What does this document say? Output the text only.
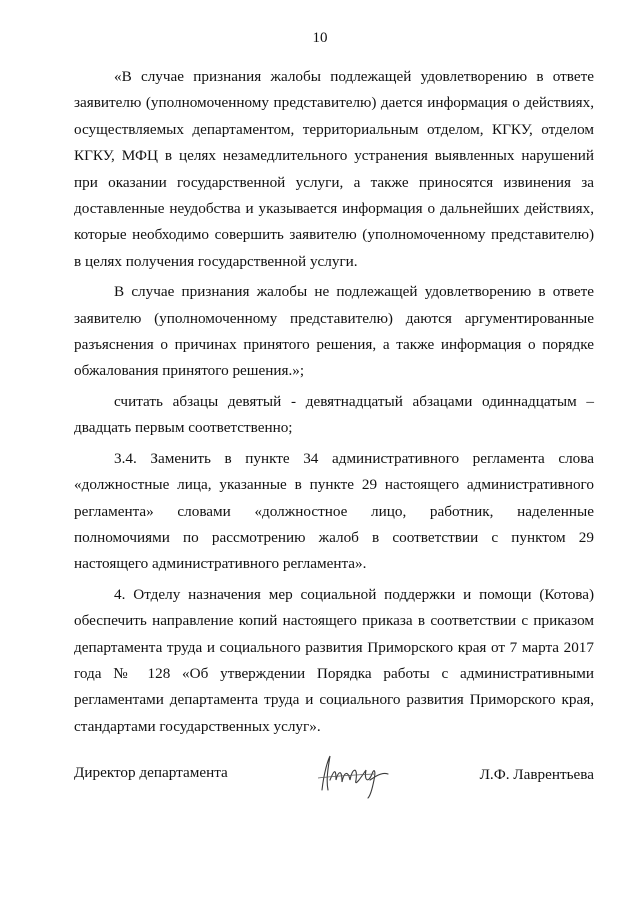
10

«В случае признания жалобы подлежащей удовлетворению в ответе заявителю (уполномоченному представителю) дается информация о действиях, осуществляемых департаментом, территориальным отделом, КГКУ, отделом КГКУ, МФЦ в целях незамедлительного устранения выявленных нарушений при оказании государственной услуги, а также приносятся извинения за доставленные неудобства и указывается информация о дальнейших действиях, которые необходимо совершить заявителю (уполномоченному представителю) в целях получения государственной услуги.

В случае признания жалобы не подлежащей удовлетворению в ответе заявителю (уполномоченному представителю) даются аргументированные разъяснения о причинах принятого решения, а также информация о порядке обжалования принятого решения.»;

считать абзацы девятый - девятнадцатый абзацами одиннадцатым – двадцать первым соответственно;

3.4. Заменить в пункте 34 административного регламента слова «должностные лица, указанные в пункте 29 настоящего административного регламента» словами «должностное лицо, работник, наделенные полномочиями по рассмотрению жалоб в соответствии с пунктом 29 настоящего административного регламента».

4. Отделу назначения мер социальной поддержки и помощи (Котова) обеспечить направление копий настоящего приказа в соответствии с приказом департамента труда и социального развития Приморского края от 7 марта 2017 года № 128 «Об утверждении Порядка работы с административными регламентами департамента труда и социального развития Приморского края, стандартами государственных услуг».

Директор департамента	Л.Ф. Лаврентьева
